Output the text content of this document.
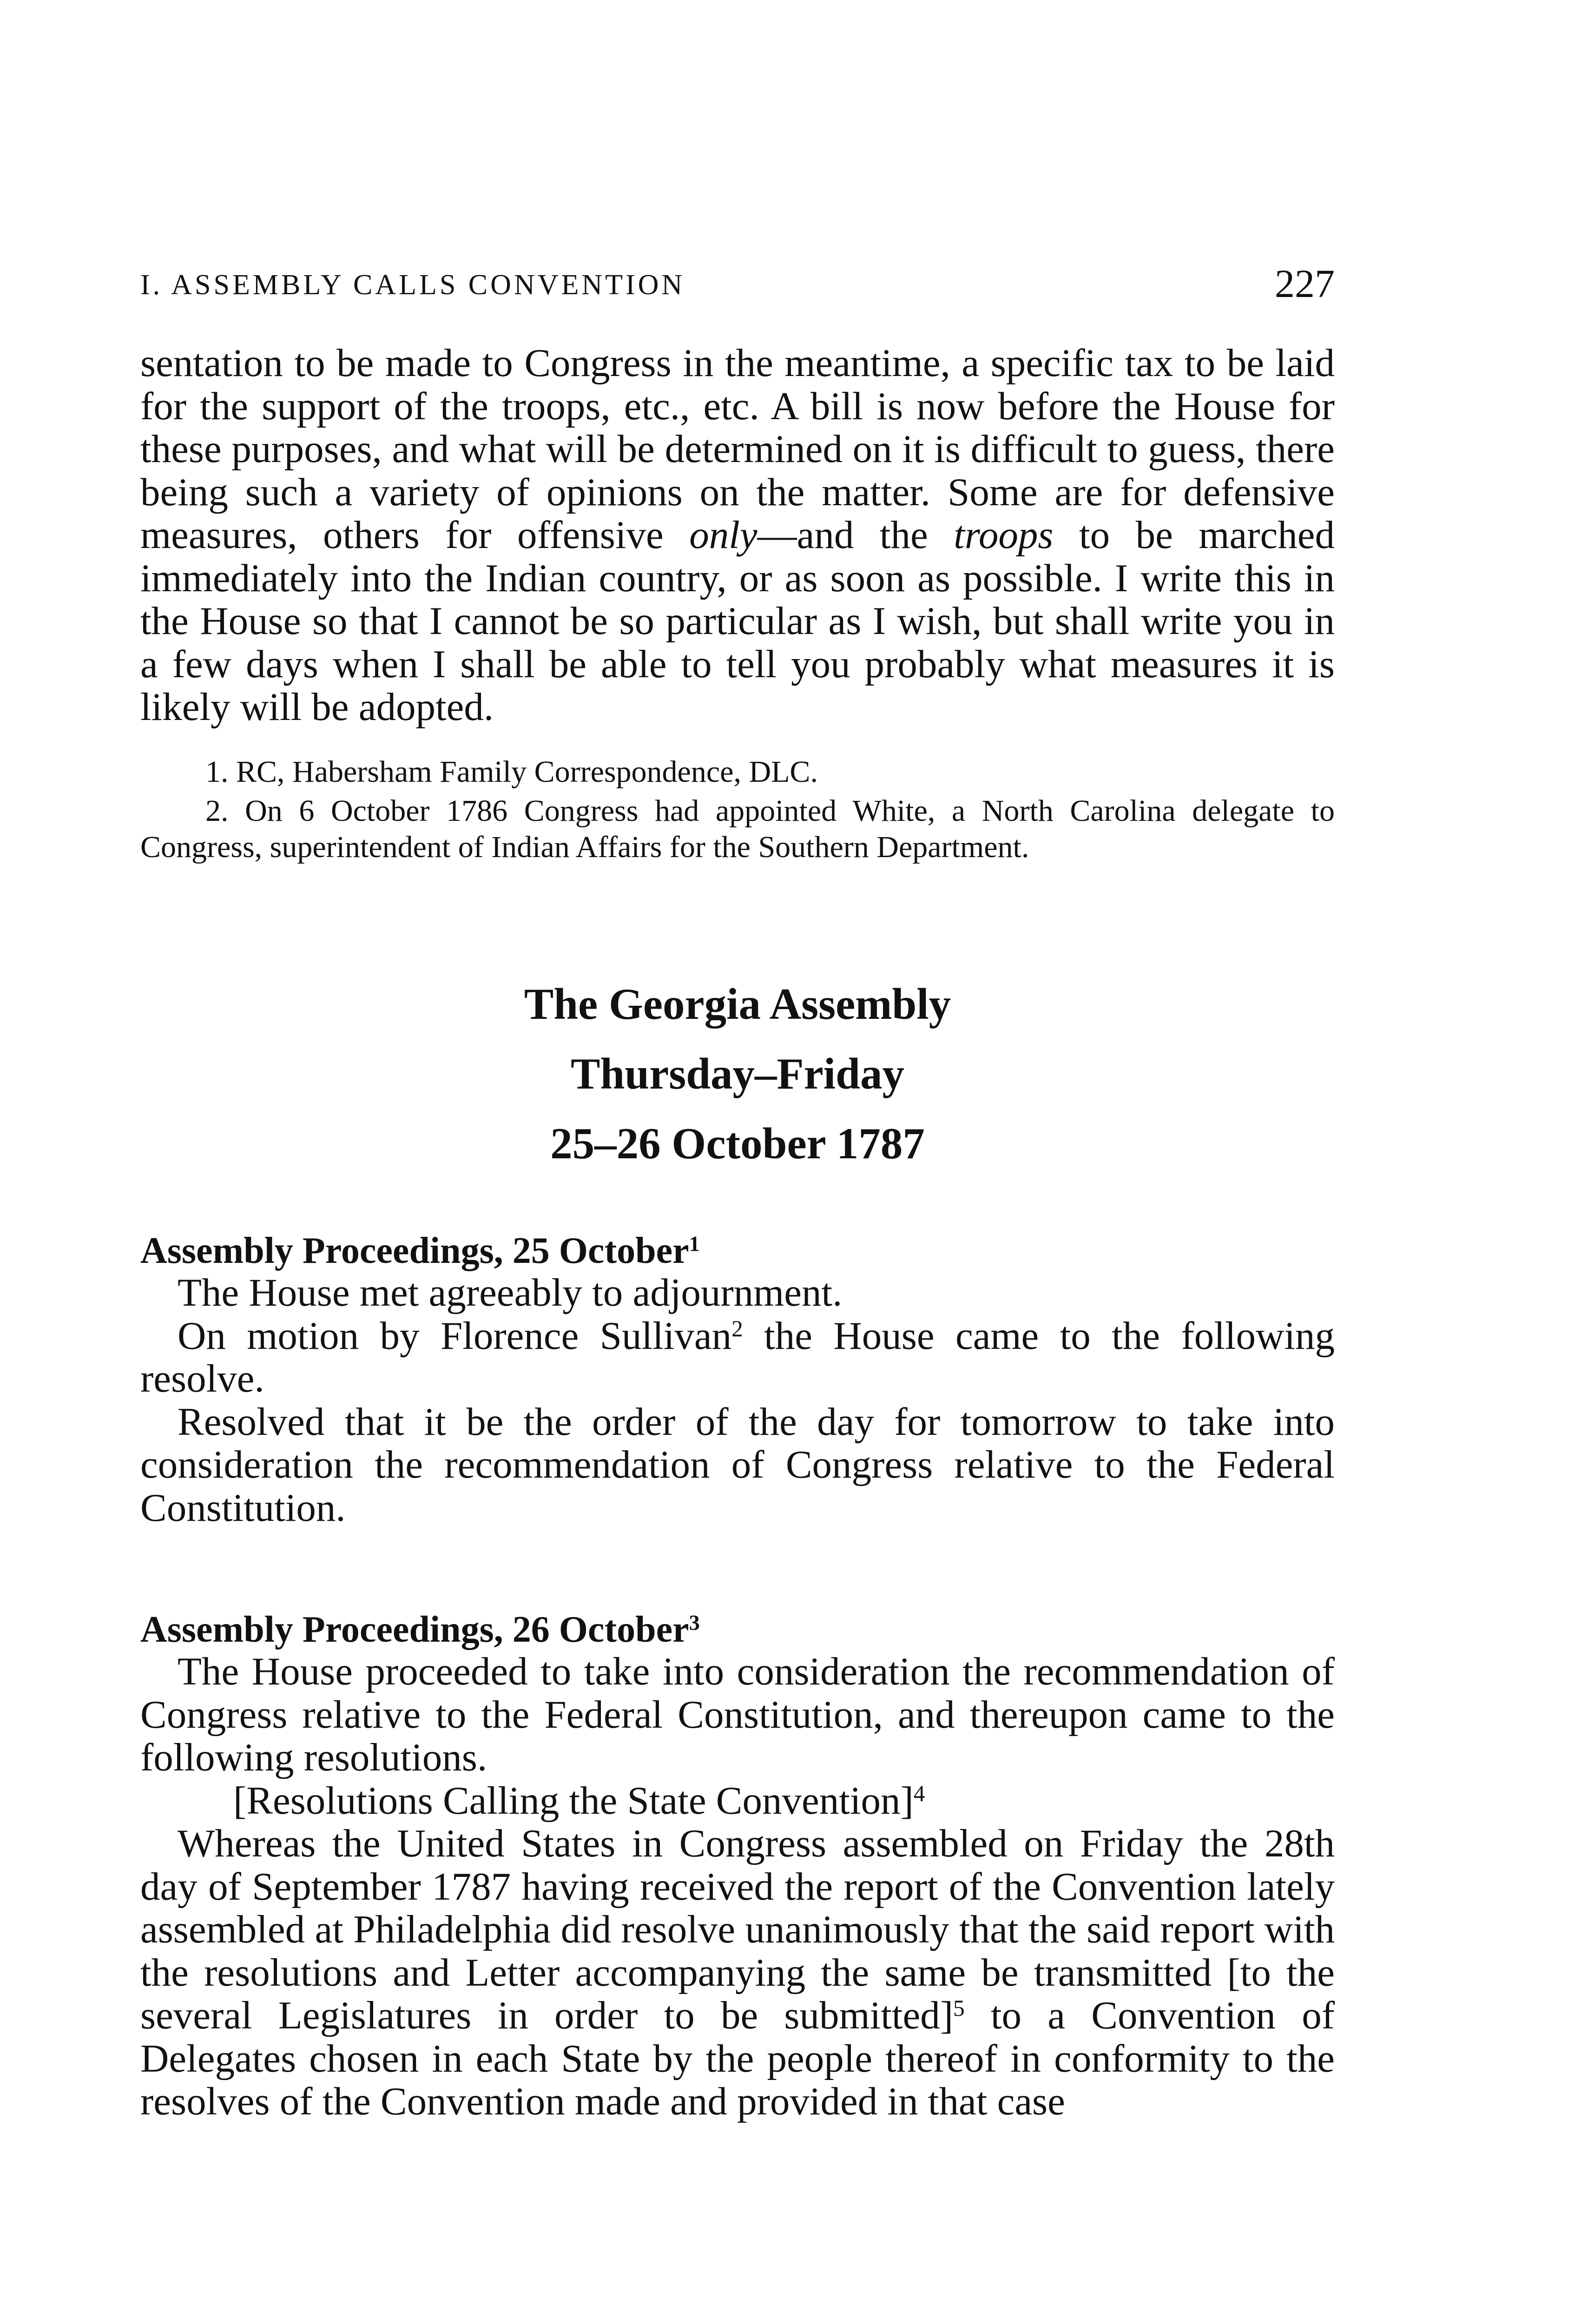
I. ASSEMBLY CALLS CONVENTION	227

sentation to be made to Congress in the meantime, a specific tax to be laid for the support of the troops, etc., etc. A bill is now before the House for these purposes, and what will be determined on it is difficult to guess, there being such a variety of opinions on the matter. Some are for defensive measures, others for offensive only—and the troops to be marched immediately into the Indian country, or as soon as possible. I write this in the House so that I cannot be so particular as I wish, but shall write you in a few days when I shall be able to tell you probably what measures it is likely will be adopted.

1. RC, Habersham Family Correspondence, DLC.

2. On 6 October 1786 Congress had appointed White, a North Carolina delegate to Congress, superintendent of Indian Affairs for the Southern Department.

The Georgia Assembly
Thursday–Friday
25–26 October 1787
Assembly Proceedings, 25 October$^1$

The House met agreeably to adjournment.

On motion by Florence Sullivan$^2$ the House came to the following resolve.

Resolved that it be the order of the day for tomorrow to take into consideration the recommendation of Congress relative to the Federal Constitution.

Assembly Proceedings, 26 October$^3$

The House proceeded to take into consideration the recommendation of Congress relative to the Federal Constitution, and thereupon came to the following resolutions.

[Resolutions Calling the State Convention]$^4$

Whereas the United States in Congress assembled on Friday the 28th day of September 1787 having received the report of the Convention lately assembled at Philadelphia did resolve unanimously that the said report with the resolutions and Letter accompanying the same be transmitted [to the several Legislatures in order to be submitted]$^5$ to a Convention of Delegates chosen in each State by the people thereof in conformity to the resolves of the Convention made and provided in that case
